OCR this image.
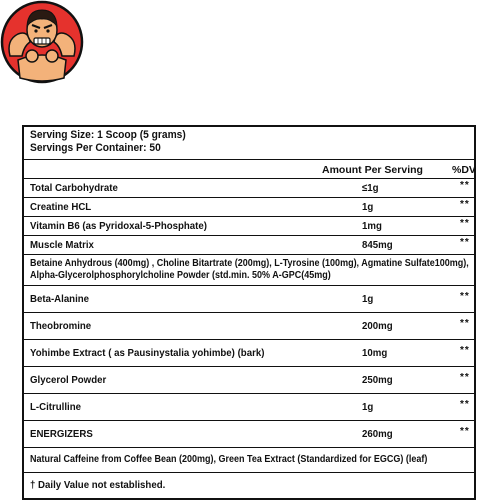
Serving Size: 1 Scoop (5 grams)
Servings Per Container: 50
Amount Per Serving	%DV
Total Carbohydrate	≤1g	**
Creatine HCL	1g	**
Vitamin B6 (as Pyridoxal-5-Phosphate)	1mg	**
Muscle Matrix	845mg	**
Betaine Anhydrous (400mg) , Choline Bitartrate (200mg), L-Tyrosine (100mg), Agmatine Sulfate100mg),
Alpha-Glycerolphosphorylcholine Powder (std.min. 50% A-GPC(45mg)
Beta-Alanine	1g	**
Theobromine	200mg	**
Yohimbe Extract ( as Pausinystalia yohimbe) (bark)	10mg	**
Glycerol Powder	250mg	**
L-Citrulline	1g	**
ENERGIZERS	260mg	**
Natural Caffeine from Coffee Bean (200mg), Green Tea Extract (Standardized for EGCG) (leaf)
† Daily Value not established.
